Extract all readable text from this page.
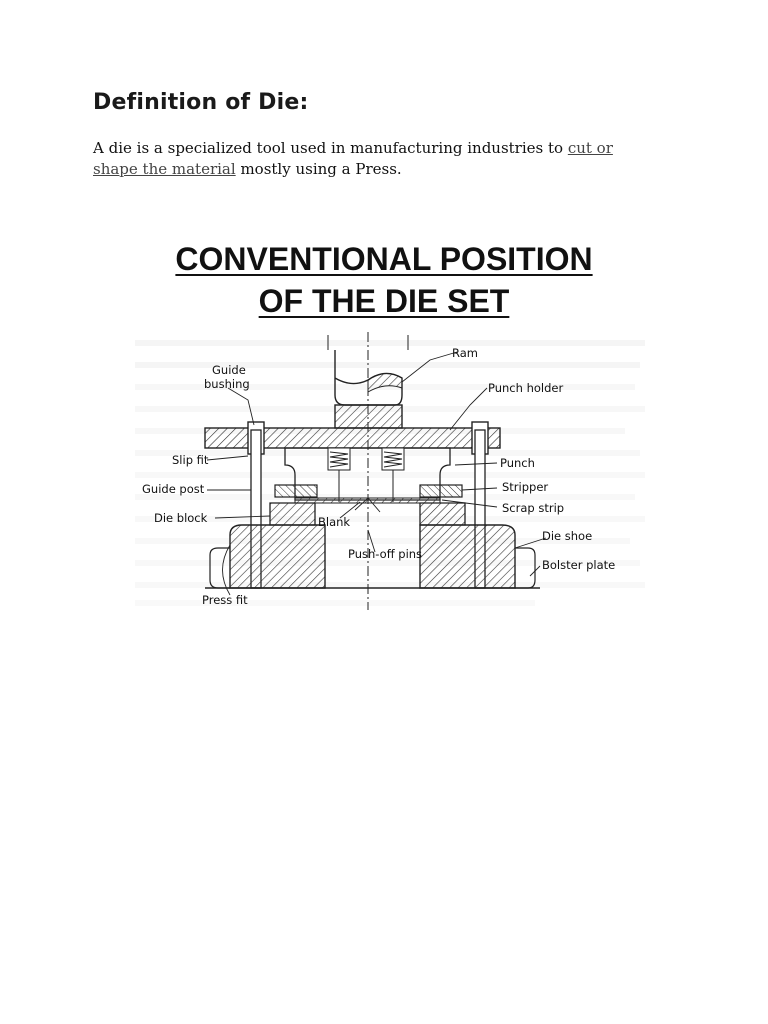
Definition of Die:

A die is a specialized tool used in manufacturing industries to cut or shape the material mostly using a Press.

CONVENTIONAL POSITION
OF THE DIE SET
Ram
Guide
bushing	Punch holder
Slip fit	Punch
Guide post	Stripper
Scrap strip
Die block	Blank
Die shoe
Push-off pins
Bolster plate
Press fit
